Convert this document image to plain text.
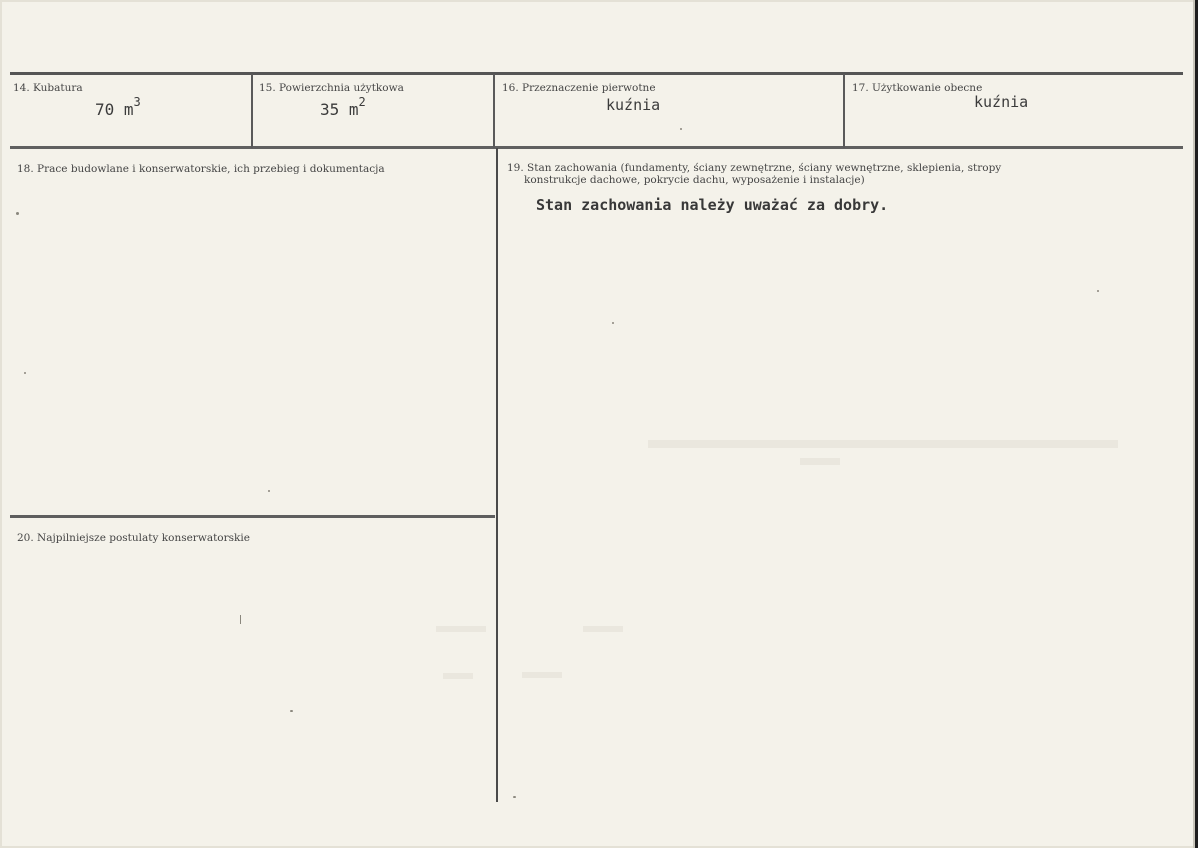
14. Kubatura
70 $m^3$
15. Powierzchnia użytkowa
35 $m^2$
16. Przeznaczenie pierwotne
kuźnia
17. Użytkowanie obecne
kuźnia
18. Prace budowlane i konserwatorskie, ich przebieg i dokumentacja	19. Stan zachowania (fundamenty, ściany zewnętrzne, ściany wewnętrzne, sklepienia, stropy
konstrukcje dachowe, pokrycie dachu, wyposażenie i instalacje)
Stan zachowania należy uważać za dobry.
20. Najpilniejsze postulaty konserwatorskie
